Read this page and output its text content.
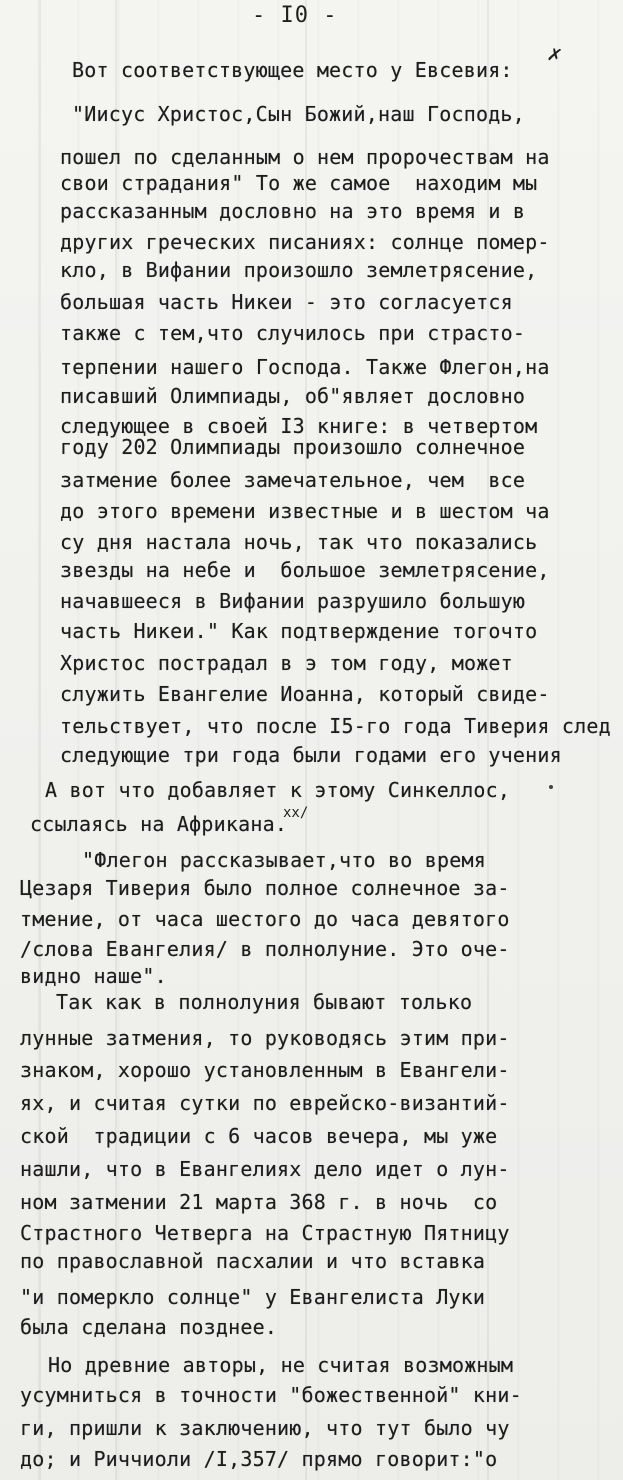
- I0 -
✗
Вот соответствующее место у Евсевия:
"Иисус Христос,Сын Божий,наш Господь,
пошел по сделанным о нем пророчествам на
свои страдания" То же самое  находим мы
рассказанным дословно на это время и в
других греческих писаниях: солнце помер-
кло, в Вифании произошло землетрясение,
большая часть Никеи - это согласуется
также с тем,что случилось при страсто-
терпении нашего Господа. Также Флегон,на
писавший Олимпиады, об"являет дословно
следующее в своей I3 книге: в четвертом
году 202 Олимпиады произошло солнечное
затмение более замечательное, чем  все
до этого времени известные и в шестом ча
су дня настала ночь, так что показались
звезды на небе и  большое землетрясение,
начавшееся в Вифании разрушило большую
часть Никеи." Как подтверждение тогочто
Христос пострадал в э том году, может
служить Евангелие Иоанна, который свиде-
тельствует, что после I5-го года Тиверия след
следующие три года были годами его учения
А вот что добавляет к этому Синкеллос,
ссылаясь на Африкана.
xx/
"Флегон рассказывает,что во время
Цезаря Тиверия было полное солнечное за-
тмение, от часа шестого до часа девятого
/слова Евангелия/ в полнолуние. Это оче-
видно наше".
Так как в полнолуния бывают только
лунные затмения, то руководясь этим при-
знаком, хорошо установленным в Евангели-
ях, и считая сутки по еврейско-византий-
ской  традиции с 6 часов вечера, мы уже
нашли, что в Евангелиях дело идет о лун-
ном затмении 21 марта 368 г. в ночь  со
Страстного Четверга на Страстную Пятницу
по православной пасхалии и что вставка
"и померкло солнце" у Евангелиста Луки
была сделана позднее.
Но древние авторы, не считая возможным
усумниться в точности "божественной" кни-
ги, пришли к заключению, что тут было чу
до; и Риччиоли /I,357/ прямо говорит:"о
